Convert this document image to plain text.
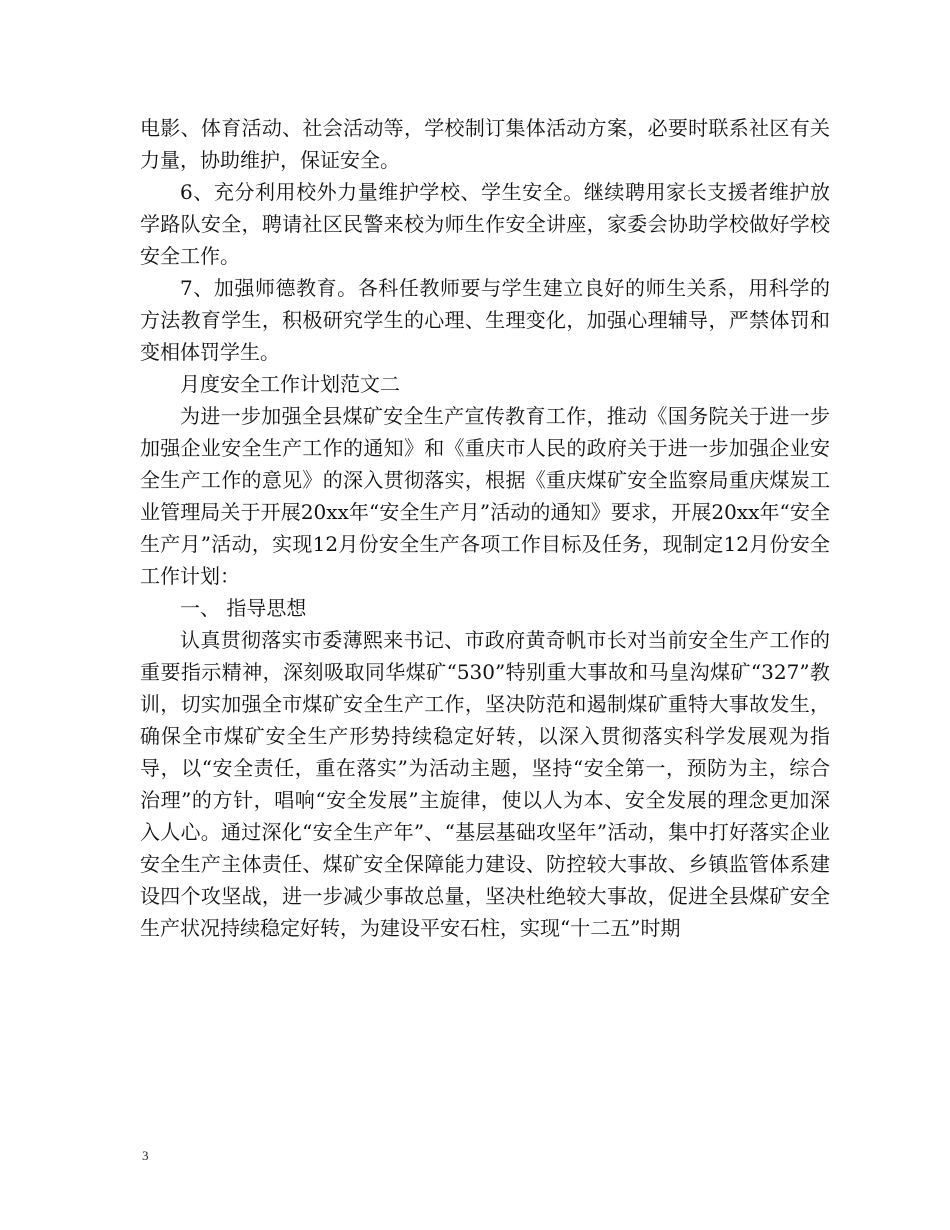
电影、体育活动、社会活动等，学校制订集体活动方案，必要时联系社区有关力量，协助维护，保证安全。

6、充分利用校外力量维护学校、学生安全。继续聘用家长支援者维护放学路队安全，聘请社区民警来校为师生作安全讲座，家委会协助学校做好学校安全工作。

7、加强师德教育。各科任教师要与学生建立良好的师生关系，用科学的方法教育学生，积极研究学生的心理、生理变化，加强心理辅导，严禁体罚和变相体罚学生。

月度安全工作计划范文二

为进一步加强全县煤矿安全生产宣传教育工作，推动《国务院关于进一步加强企业安全生产工作的通知》和《重庆市人民的政府关于进一步加强企业安全生产工作的意见》的深入贯彻落实，根据《重庆煤矿安全监察局重庆煤炭工业管理局关于开展20xx年“安全生产月”活动的通知》要求，开展20xx年“安全生产月”活动，实现12月份安全生产各项工作目标及任务，现制定12月份安全工作计划：

一、 指导思想

认真贯彻落实市委薄熙来书记、市政府黄奇帆市长对当前安全生产工作的重要指示精神，深刻吸取同华煤矿“530”特别重大事故和马皇沟煤矿“327”教训，切实加强全市煤矿安全生产工作，坚决防范和遏制煤矿重特大事故发生，确保全市煤矿安全生产形势持续稳定好转，以深入贯彻落实科学发展观为指导，以“安全责任，重在落实”为活动主题，坚持“安全第一，预防为主，综合治理”的方针，唱响“安全发展”主旋律，使以人为本、安全发展的理念更加深入人心。通过深化“安全生产年”、“基层基础攻坚年”活动，集中打好落实企业安全生产主体责任、煤矿安全保障能力建设、防控较大事故、乡镇监管体系建设四个攻坚战，进一步减少事故总量，坚决杜绝较大事故，促进全县煤矿安全生产状况持续稳定好转，为建设平安石柱，实现“十二五”时期

3
